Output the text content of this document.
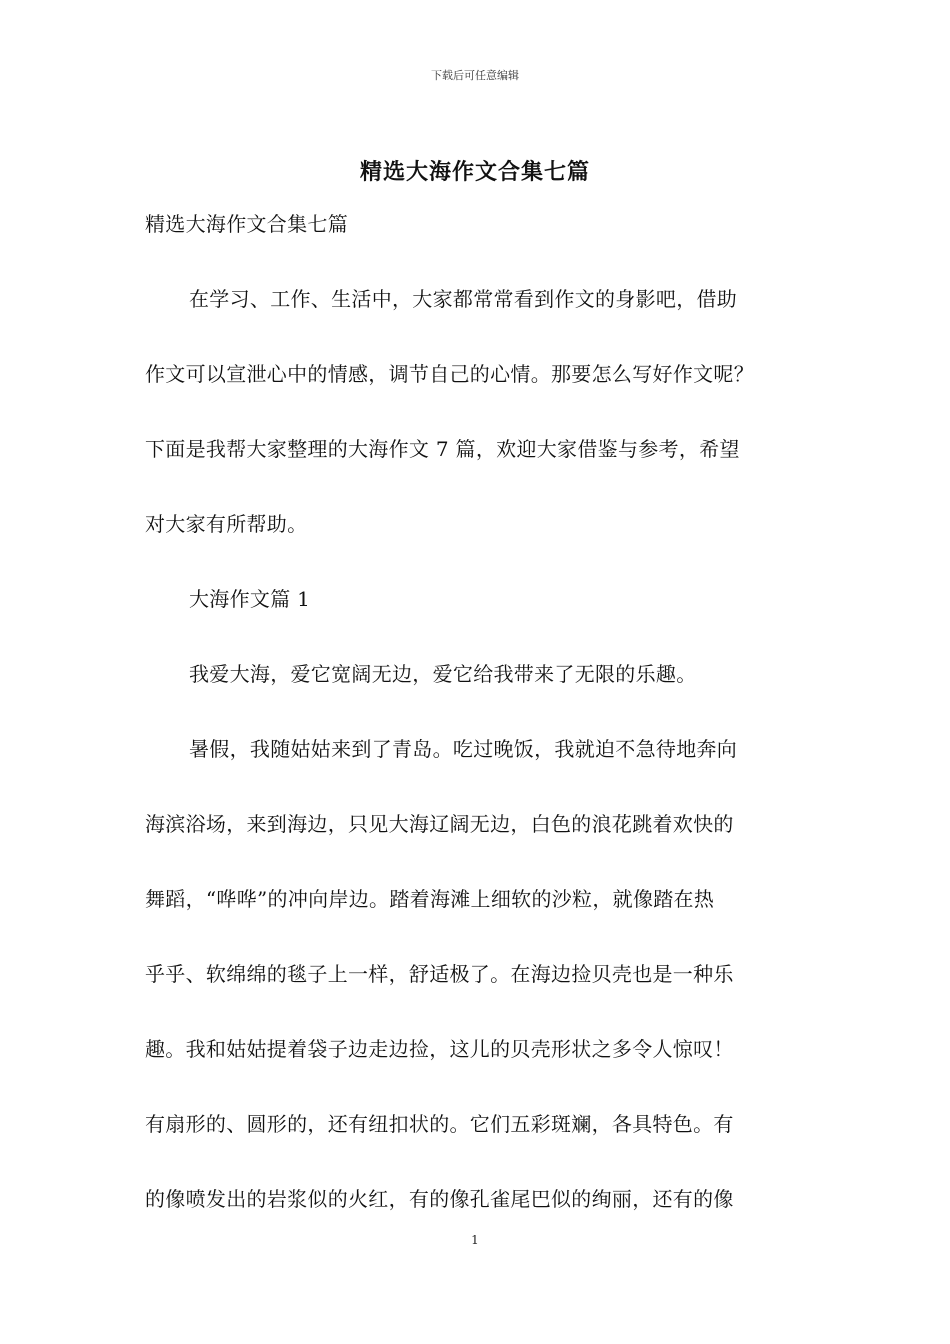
下载后可任意编辑
精选大海作文合集七篇
精选大海作文合集七篇
在学习、工作、生活中，大家都常常看到作文的身影吧，借助
作文可以宣泄心中的情感，调节自己的心情。那要怎么写好作文呢？
下面是我帮大家整理的大海作文 7 篇，欢迎大家借鉴与参考，希望
对大家有所帮助。
大海作文篇 1
我爱大海，爱它宽阔无边，爱它给我带来了无限的乐趣。
暑假，我随姑姑来到了青岛。吃过晚饭，我就迫不急待地奔向
海滨浴场，来到海边，只见大海辽阔无边，白色的浪花跳着欢快的
舞蹈，“哗哗”的冲向岸边。踏着海滩上细软的沙粒，就像踏在热
乎乎、软绵绵的毯子上一样，舒适极了。在海边捡贝壳也是一种乐
趣。我和姑姑提着袋子边走边捡，这儿的贝壳形状之多令人惊叹！
有扇形的、圆形的，还有纽扣状的。它们五彩斑斓，各具特色。有
的像喷发出的岩浆似的火红，有的像孔雀尾巴似的绚丽，还有的像
1
